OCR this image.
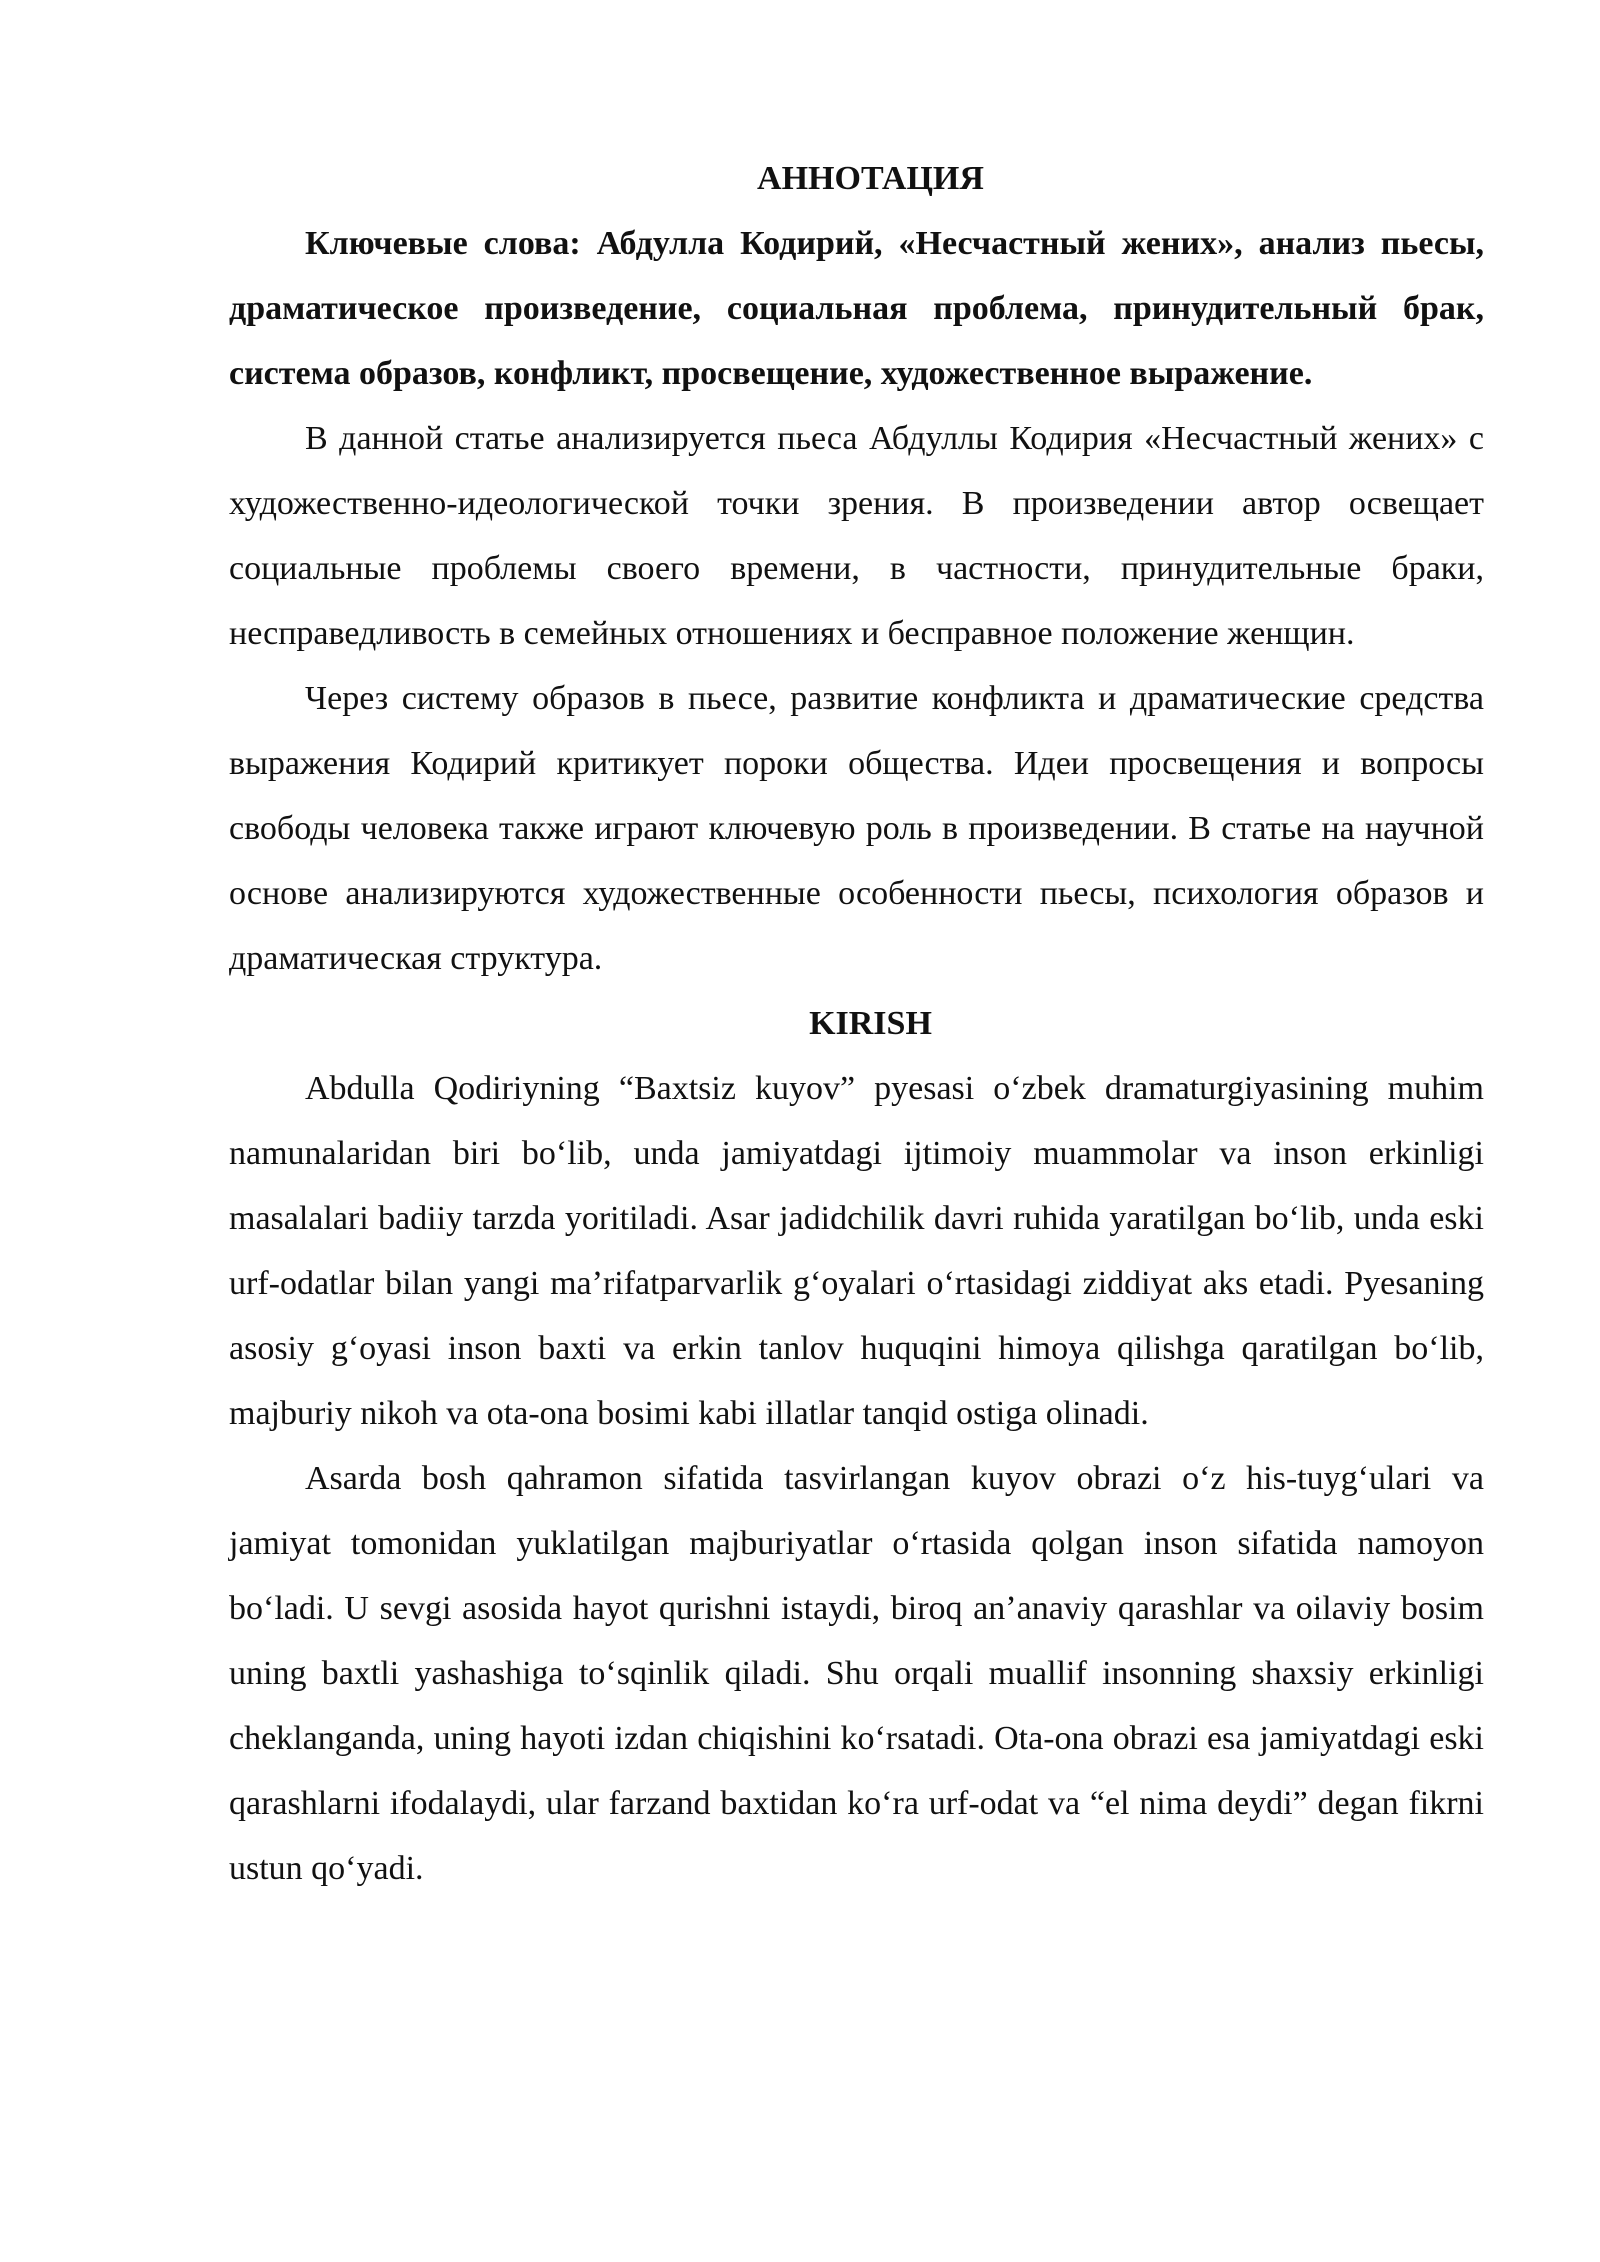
АННОТАЦИЯ

Ключевые слова: Абдулла Кодирий, «Несчастный жених», анализ пьесы, драматическое произведение, социальная проблема, принудительный брак, система образов, конфликт, просвещение, художественное выражение.

В данной статье анализируется пьеса Абдуллы Кодирия «Несчастный жених» с художественно-идеологической точки зрения. В произведении автор освещает социальные проблемы своего времени, в частности, принудительные браки, несправедливость в семейных отношениях и бесправное положение женщин.

Через систему образов в пьесе, развитие конфликта и драматические средства выражения Кодирий критикует пороки общества. Идеи просвещения и вопросы свободы человека также играют ключевую роль в произведении. В статье на научной основе анализируются художественные особенности пьесы, психология образов и драматическая структура.

KIRISH

Abdulla Qodiriyning “Baxtsiz kuyov” pyesasi oʻzbek dramaturgiyasining muhim namunalaridan biri boʻlib, unda jamiyatdagi ijtimoiy muammolar va inson erkinligi masalalari badiiy tarzda yoritiladi. Asar jadidchilik davri ruhida yaratilgan boʻlib, unda eski urf-odatlar bilan yangi maʼrifatparvarlik gʻoyalari oʻrtasidagi ziddiyat aks etadi. Pyesaning asosiy gʻoyasi inson baxti va erkin tanlov huquqini himoya qilishga qaratilgan boʻlib, majburiy nikoh va ota-ona bosimi kabi illatlar tanqid ostiga olinadi.

Asarda bosh qahramon sifatida tasvirlangan kuyov obrazi oʻz his-tuygʻulari va jamiyat tomonidan yuklatilgan majburiyatlar oʻrtasida qolgan inson sifatida namoyon boʻladi. U sevgi asosida hayot qurishni istaydi, biroq anʼanaviy qarashlar va oilaviy bosim uning baxtli yashashiga toʻsqinlik qiladi. Shu orqali muallif insonning shaxsiy erkinligi cheklanganda, uning hayoti izdan chiqishini koʻrsatadi. Ota-ona obrazi esa jamiyatdagi eski qarashlarni ifodalaydi, ular farzand baxtidan koʻra urf-odat va “el nima deydi” degan fikrni ustun qoʻyadi.
